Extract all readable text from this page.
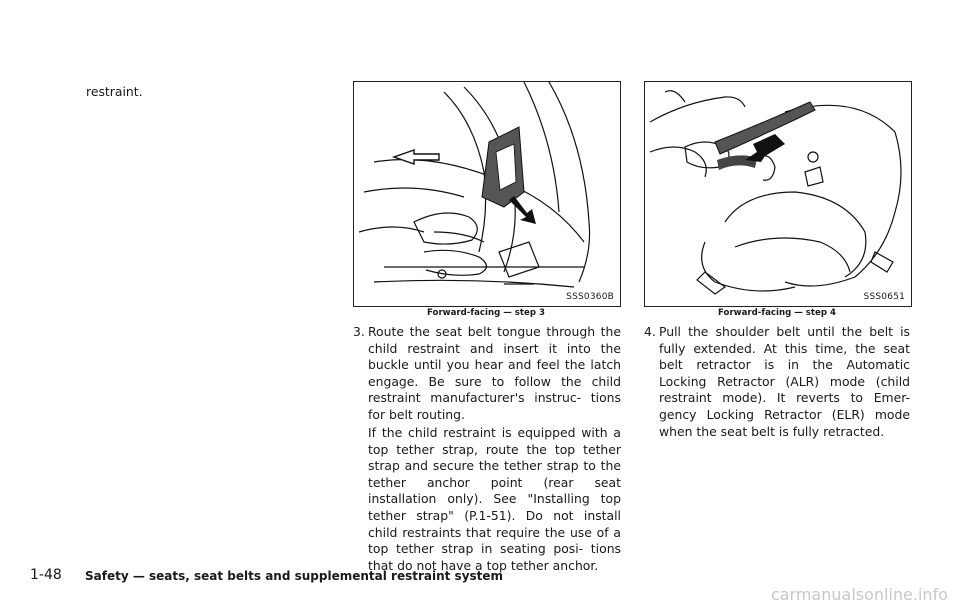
restraint.
SSS0360B
Forward-facing — step 3
SSS0651
Forward-facing — step 4
3. Route the seat belt tongue through the child restraint and insert it into the buckle until you hear and feel the latch engage. Be sure to follow the child restraint manufacturer's instruc- tions for belt routing.
If the child restraint is equipped with a top tether strap, route the top tether strap and secure the tether strap to the tether anchor point (rear seat installation only). See "Installing top tether strap" (P.1-51). Do not install child restraints that require the use of a top tether strap in seating posi- tions that do not have a top tether anchor.
4. Pull the shoulder belt until the belt is fully extended. At this time, the seat belt retractor is in the Automatic Locking Retractor (ALR) mode (child restraint mode). It reverts to Emer- gency Locking Retractor (ELR) mode when the seat belt is fully retracted.
1-48 Safety — seats, seat belts and supplemental restraint system
carmanualsonline.info
